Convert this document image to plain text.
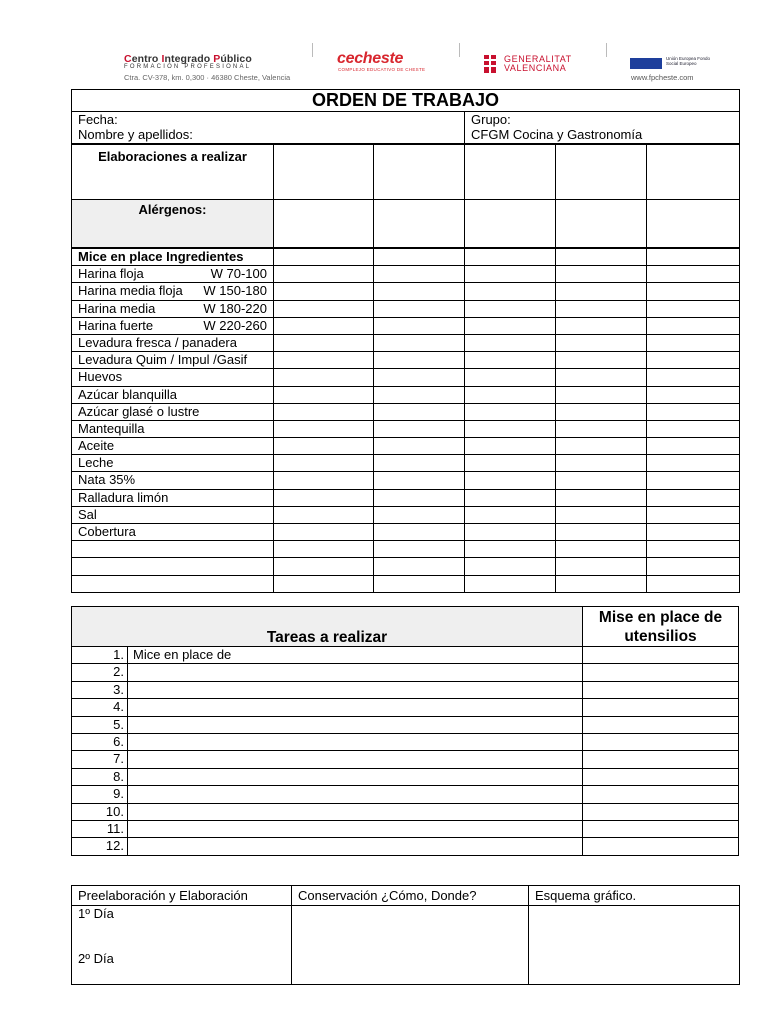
Centro Integrado Público
FORMACIÓN PROFESIONAL
Ctra. CV-378, km. 0,300 · 46380 Cheste, Valencia
cecheste
COMPLEJO EDUCATIVO DE CHESTE
GENERALITAT
VALENCIANA
Unión Europea Fondo Social Europeo
www.fpcheste.com
ORDEN DE TRABAJO					

Fecha:
Nombre y apellidos:			Grupo:
CFGM Cocina y Gastronomía		

Elaboraciones a realizar					
Alérgenos:					
Mice en place Ingredientes					

Harina floja W 70-100					

Harina media floja W 150-180					

Harina media W 180-220					

Harina fuerte W 220-260					

Levadura fresca / panadera					

Levadura Quim / Impul /Gasif					

Huevos					

Azúcar blanquilla					

Azúcar glasé o lustre					

Mantequilla					

Aceite					

Leche					

Nata 35%					

Ralladura limón					

Sal					

Cobertura					

Tareas a realizar		Mise en place de utensilios
1.	Mice en place de	
2.		
3.		
4.		
5.		
6.		
7.		
8.		
9.		
10.		
11.		
12.		
Preelaboración y Elaboración	Conservación ¿Cómo, Donde?	Esquema gráfico.
1º Día
2º Día		
